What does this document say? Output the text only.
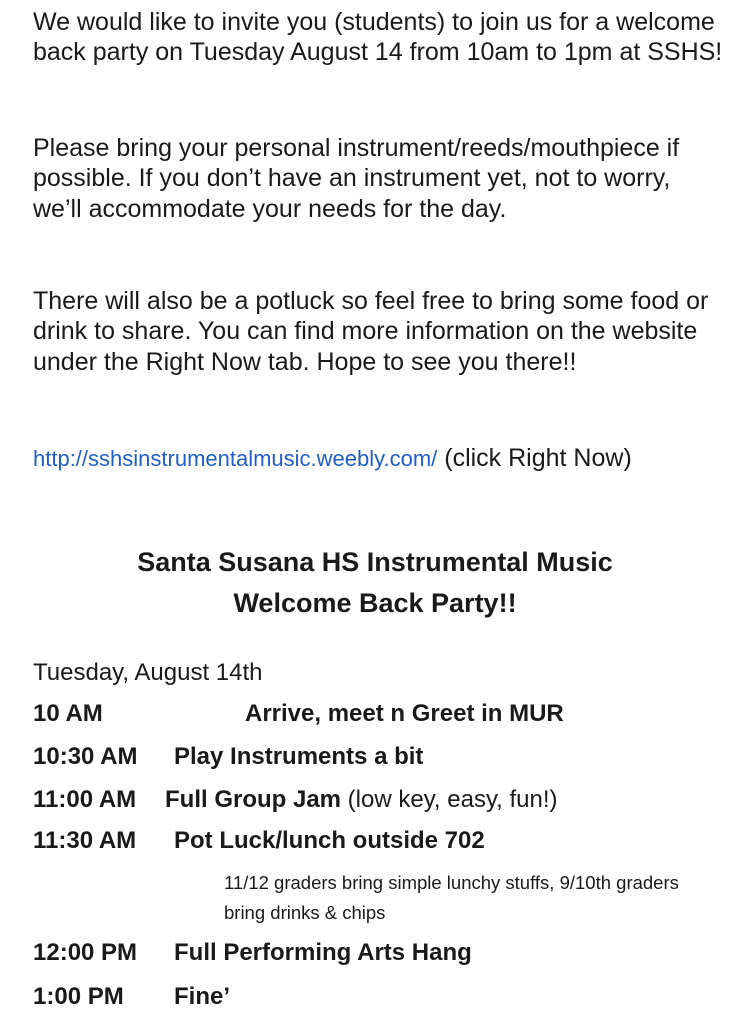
We would like to invite you (students) to join us for a welcome back party on Tuesday August 14 from 10am to 1pm at SSHS!

Please bring your personal instrument/reeds/mouthpiece if possible. If you don’t have an instrument yet, not to worry, we’ll accommodate your needs for the day.

There will also be a potluck so feel free to bring some food or drink to share. You can find more information on the website under the Right Now tab. Hope to see you there!!

http://sshsinstrumentalmusic.weebly.com/ (click Right Now)

Santa Susana HS Instrumental Music

Welcome Back Party!!

Tuesday, August 14th
10 AM	Arrive, meet n Greet in MUR
10:30 AM Play Instruments a bit
11:00 AM Full Group Jam (low key, easy, fun!)
11:30 AM Pot Luck/lunch outside 702

11/12 graders bring simple lunchy stuffs, 9/10th graders bring drinks & chips

12:00 PM Full Performing Arts Hang
1:00 PM Fine’
